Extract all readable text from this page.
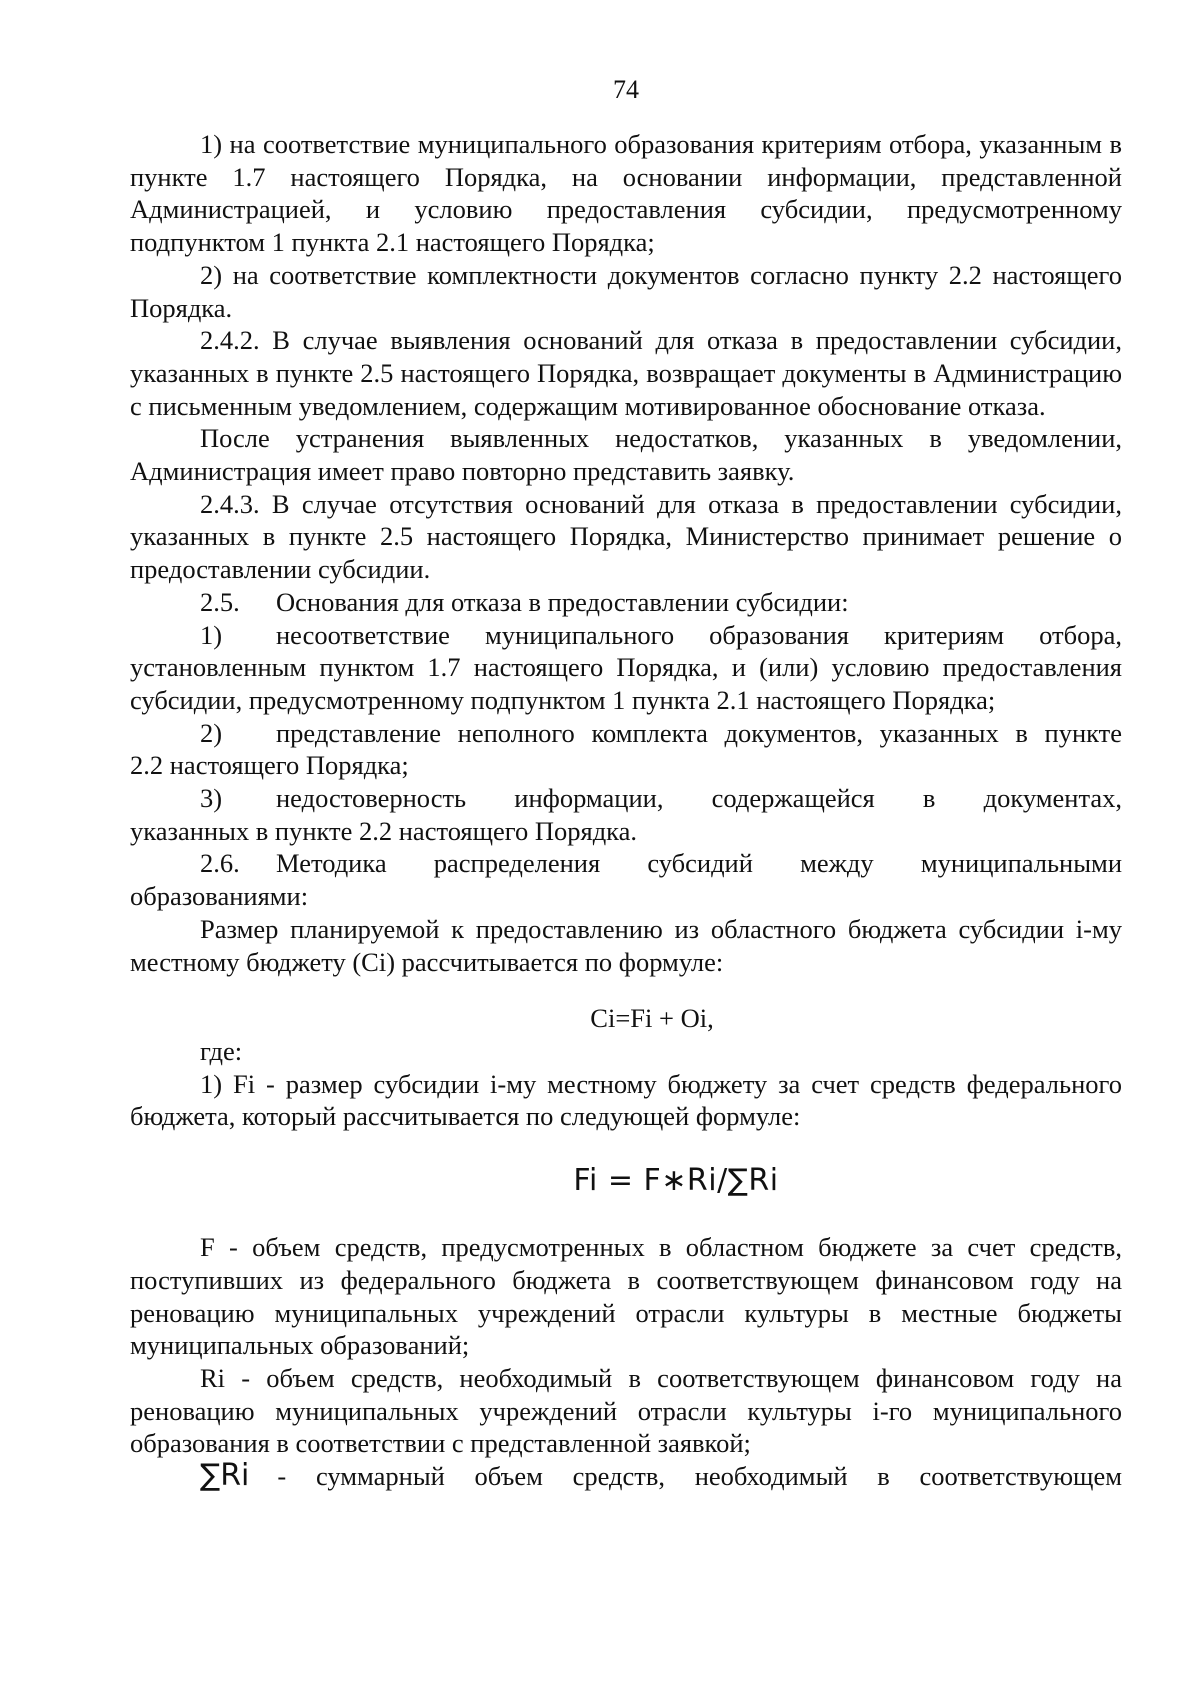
74

1) на соответствие муниципального образования критериям отбора, указанным в пункте 1.7 настоящего Порядка, на основании информации, представленной Администрацией, и условию предоставления субсидии, предусмотренному подпунктом 1 пункта 2.1 настоящего Порядка;

2) на соответствие комплектности документов согласно пункту 2.2 настоящего Порядка.

2.4.2. В случае выявления оснований для отказа в предоставлении субсидии, указанных в пункте 2.5 настоящего Порядка, возвращает документы в Администрацию с письменным уведомлением, содержащим мотивированное обоснование отказа.

После устранения выявленных недостатков, указанных в уведомлении, Администрация имеет право повторно представить заявку.

2.4.3. В случае отсутствия оснований для отказа в предоставлении субсидии, указанных в пункте 2.5 настоящего Порядка, Министерство принимает решение о предоставлении субсидии.

2.5.	Основания для отказа в предоставлении субсидии:
1)	несоответствие муниципального образования критериям отбора,

установленным пунктом 1.7 настоящего Порядка, и (или) условию предоставления субсидии, предусмотренному подпунктом 1 пункта 2.1 настоящего Порядка;

2)	представление неполного комплекта документов, указанных в пункте

2.2 настоящего Порядка;

3)	недостоверность информации, содержащейся в документах,

указанных в пункте 2.2 настоящего Порядка.

2.6.	Методика распределения субсидий между муниципальными

образованиями:

Размер планируемой к предоставлению из областного бюджета субсидии i-му местному бюджету (Ci) рассчитывается по формуле:

Ci=Fi + Oi,
где:

1) Fi - размер субсидии i-му местному бюджету за счет средств федерального бюджета, который рассчитывается по следующей формуле:

Fi = F∗Ri/∑Ri

F - объем средств, предусмотренных в областном бюджете за счет средств, поступивших из федерального бюджета в соответствующем финансовом году на реновацию муниципальных учреждений отрасли культуры в местные бюджеты муниципальных образований;

Ri - объем средств, необходимый в соответствующем финансовом году на реновацию муниципальных учреждений отрасли культуры i-го муниципального образования в соответствии с представленной заявкой;

∑Ri - суммарный объем средств, необходимый в соответствующем
